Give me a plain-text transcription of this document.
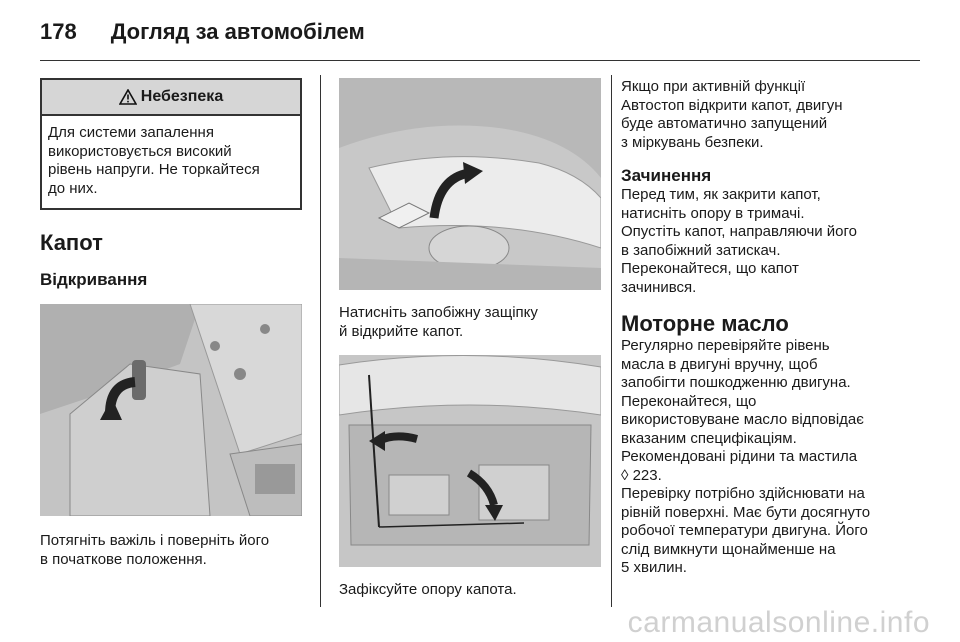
178 Догляд за автомобілем
Небезпека
Для системи запалення
використовується високий
рівень напруги. Не торкайтеся
до них.
Капот
Відкривання

Потягніть важіль і поверніть його
в початкове положення.

Натисніть запобіжну защіпку
й відкрийте капот.

Зафіксуйте опору капота.

Якщо при активній функції
Автостоп відкрити капот, двигун
буде автоматично запущений
з міркувань безпеки.

Зачинення

Перед тим, як закрити капот,
натисніть опору в тримачі.

Опустіть капот, направляючи його
в запобіжний затискач.
Переконайтеся, що капот
зачинився.

Моторне масло

Регулярно перевіряйте рівень
масла в двигуні вручну, щоб
запобігти пошкодженню двигуна.

Переконайтеся, що
використовуване масло відповідає
вказаним специфікаціям.
Рекомендовані рідини та мастила
◊ 223.

Перевірку потрібно здійснювати на
рівній поверхні. Має бути досягнуто
робочої температури двигуна. Його
слід вимкнути щонайменше на
5 хвилин.

carmanualsonline.info
